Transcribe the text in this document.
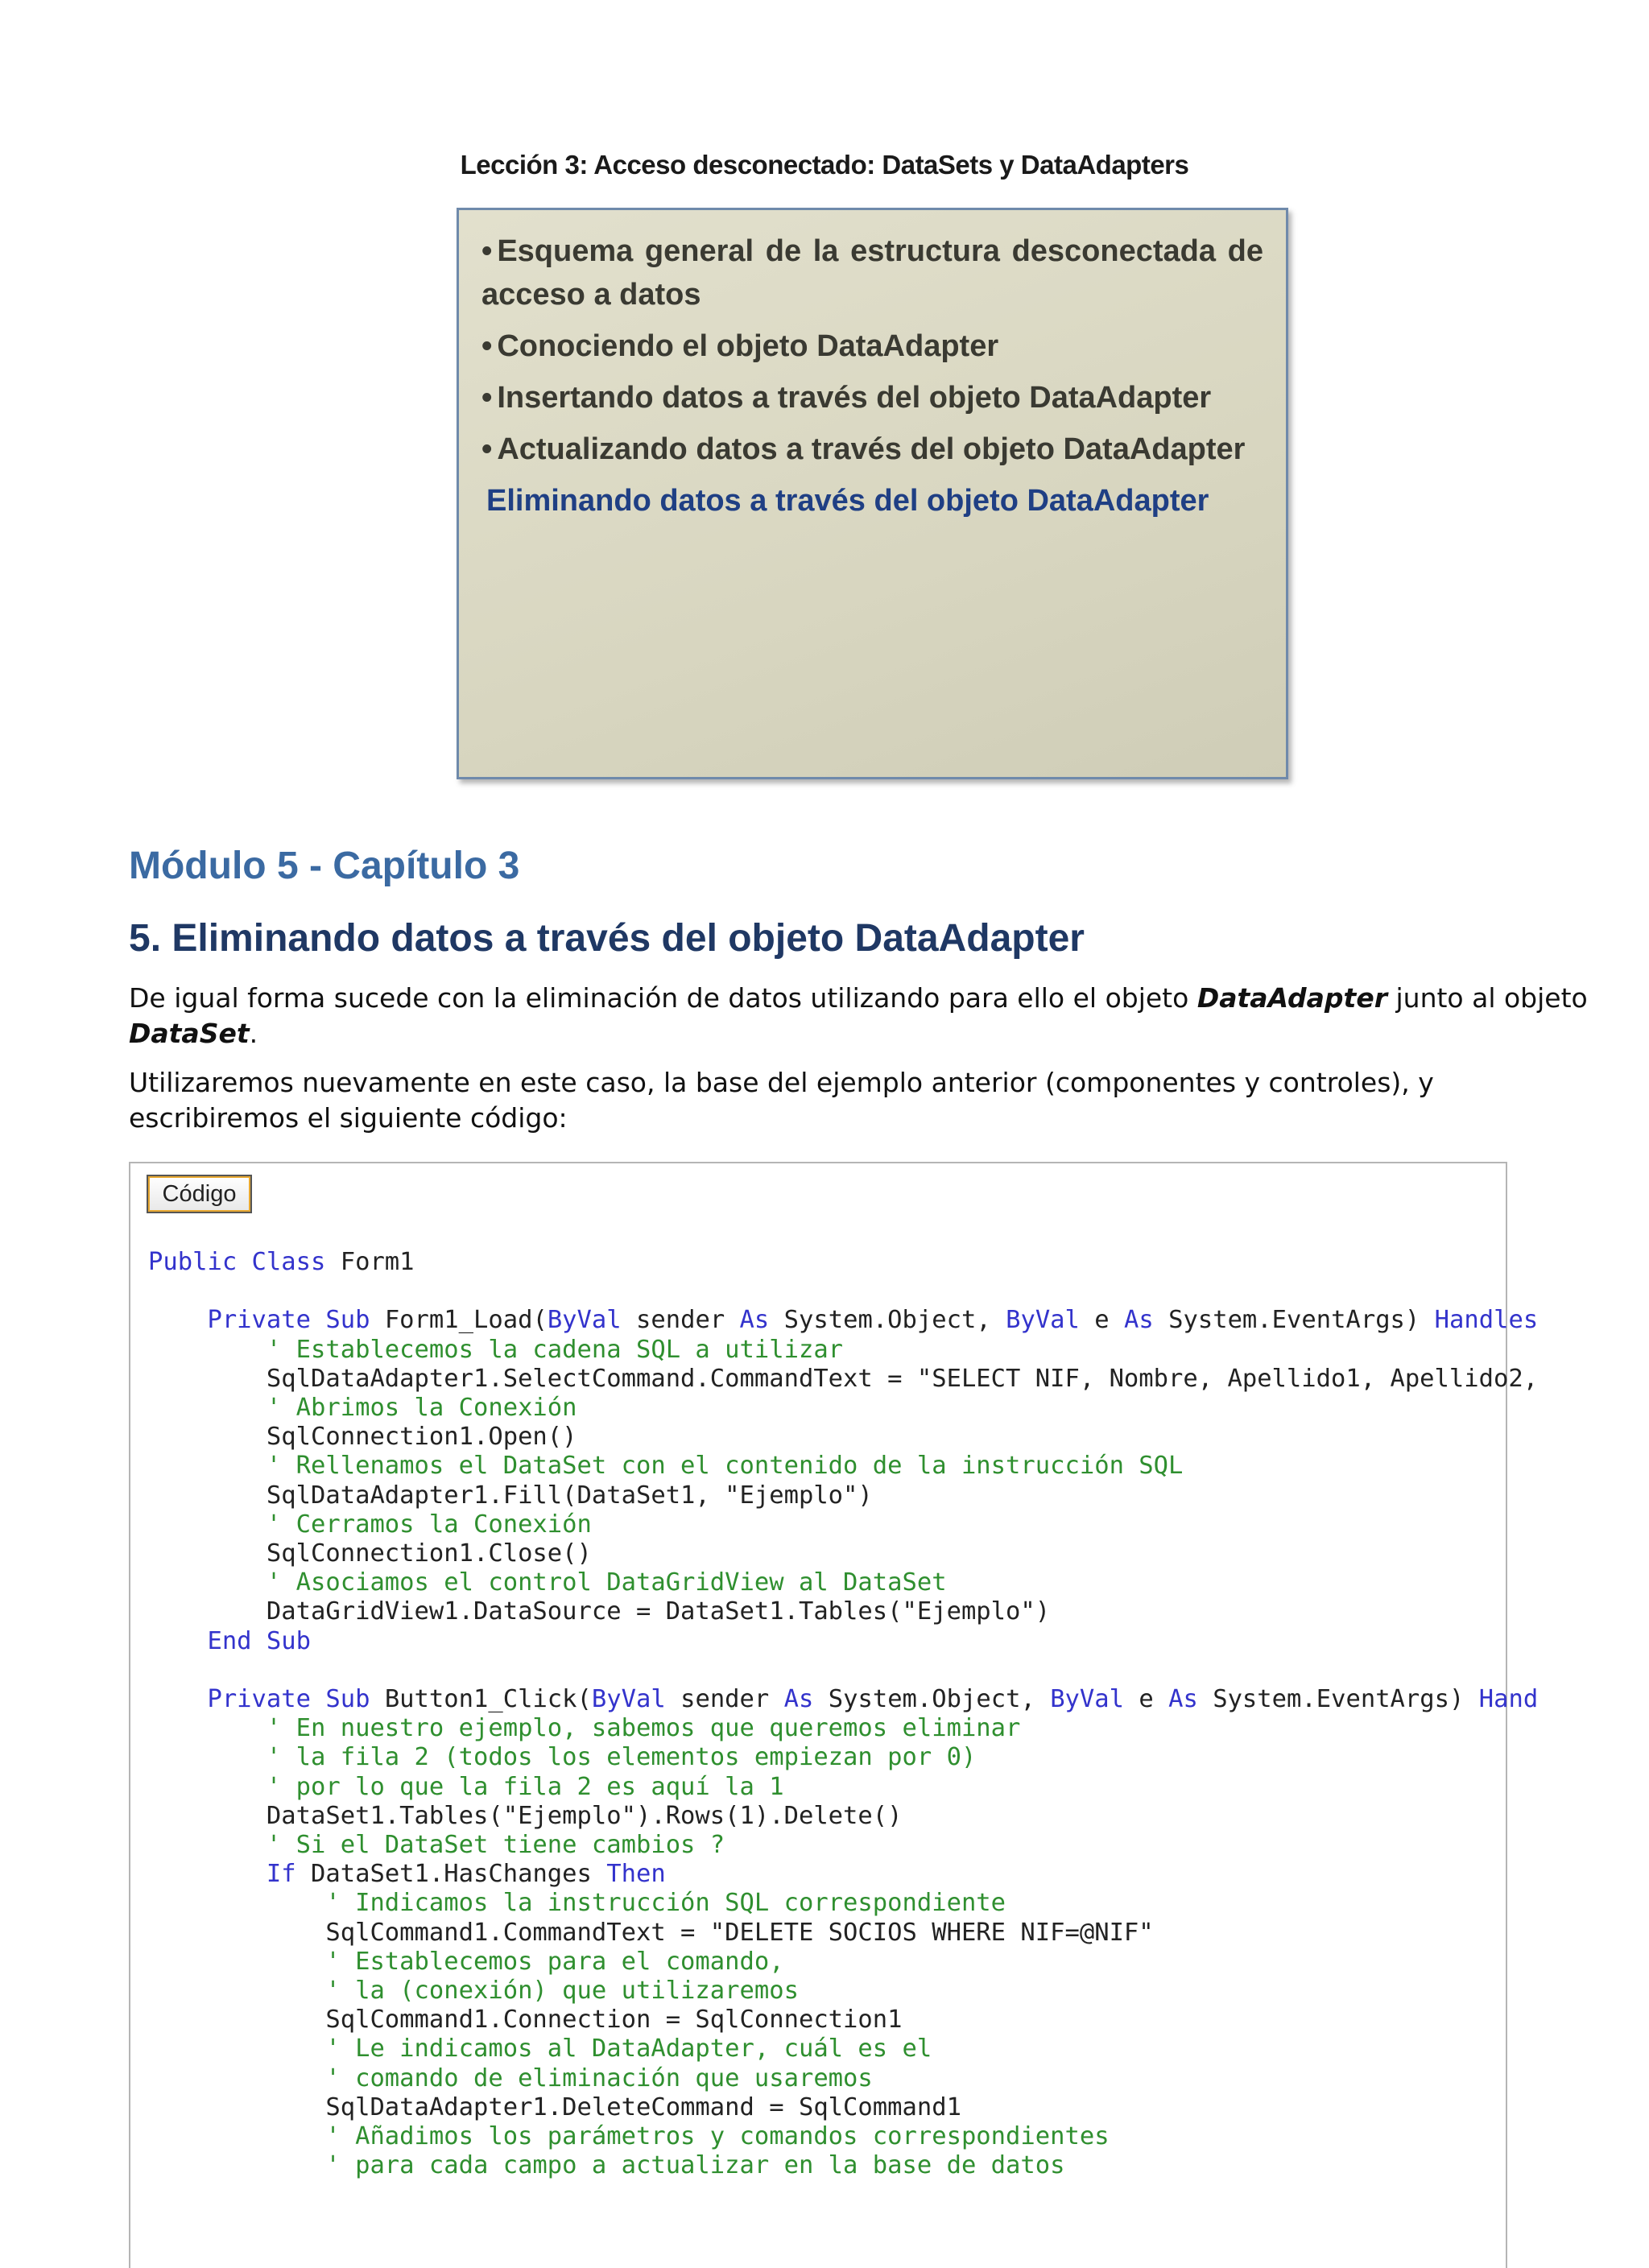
Lección 3: Acceso desconectado: DataSets y DataAdapters
• Esquema general de la estructura desconectada de acceso a datos
• Conociendo el objeto DataAdapter
• Insertando datos a través del objeto DataAdapter
• Actualizando datos a través del objeto DataAdapter
Eliminando datos a través del objeto DataAdapter
Módulo 5 - Capítulo 3
5. Eliminando datos a través del objeto DataAdapter
De igual forma sucede con la eliminación de datos utilizando para ello el objeto DataAdapter junto al objeto DataSet.
Utilizaremos nuevamente en este caso, la base del ejemplo anterior (componentes y controles), y escribiremos el siguiente código:
Código
Public Class Form1

Private Sub Form1_Load(ByVal sender As System.Object, ByVal e As System.EventArgs) Handles
' Establecemos la cadena SQL a utilizar
SqlDataAdapter1.SelectCommand.CommandText = "SELECT NIF, Nombre, Apellido1, Apellido2,
' Abrimos la Conexión
SqlConnection1.Open()
' Rellenamos el DataSet con el contenido de la instrucción SQL
SqlDataAdapter1.Fill(DataSet1, "Ejemplo")
' Cerramos la Conexión
SqlConnection1.Close()
' Asociamos el control DataGridView al DataSet
DataGridView1.DataSource = DataSet1.Tables("Ejemplo")
End Sub

Private Sub Button1_Click(ByVal sender As System.Object, ByVal e As System.EventArgs) Hand
' En nuestro ejemplo, sabemos que queremos eliminar
' la fila 2 (todos los elementos empiezan por 0)
' por lo que la fila 2 es aquí la 1
DataSet1.Tables("Ejemplo").Rows(1).Delete()
' Si el DataSet tiene cambios ?
If DataSet1.HasChanges Then
' Indicamos la instrucción SQL correspondiente
SqlCommand1.CommandText = "DELETE SOCIOS WHERE NIF=@NIF"
' Establecemos para el comando,
' la (conexión) que utilizaremos
SqlCommand1.Connection = SqlConnection1
' Le indicamos al DataAdapter, cuál es el
' comando de eliminación que usaremos
SqlDataAdapter1.DeleteCommand = SqlCommand1
' Añadimos los parámetros y comandos correspondientes
' para cada campo a actualizar en la base de datos
